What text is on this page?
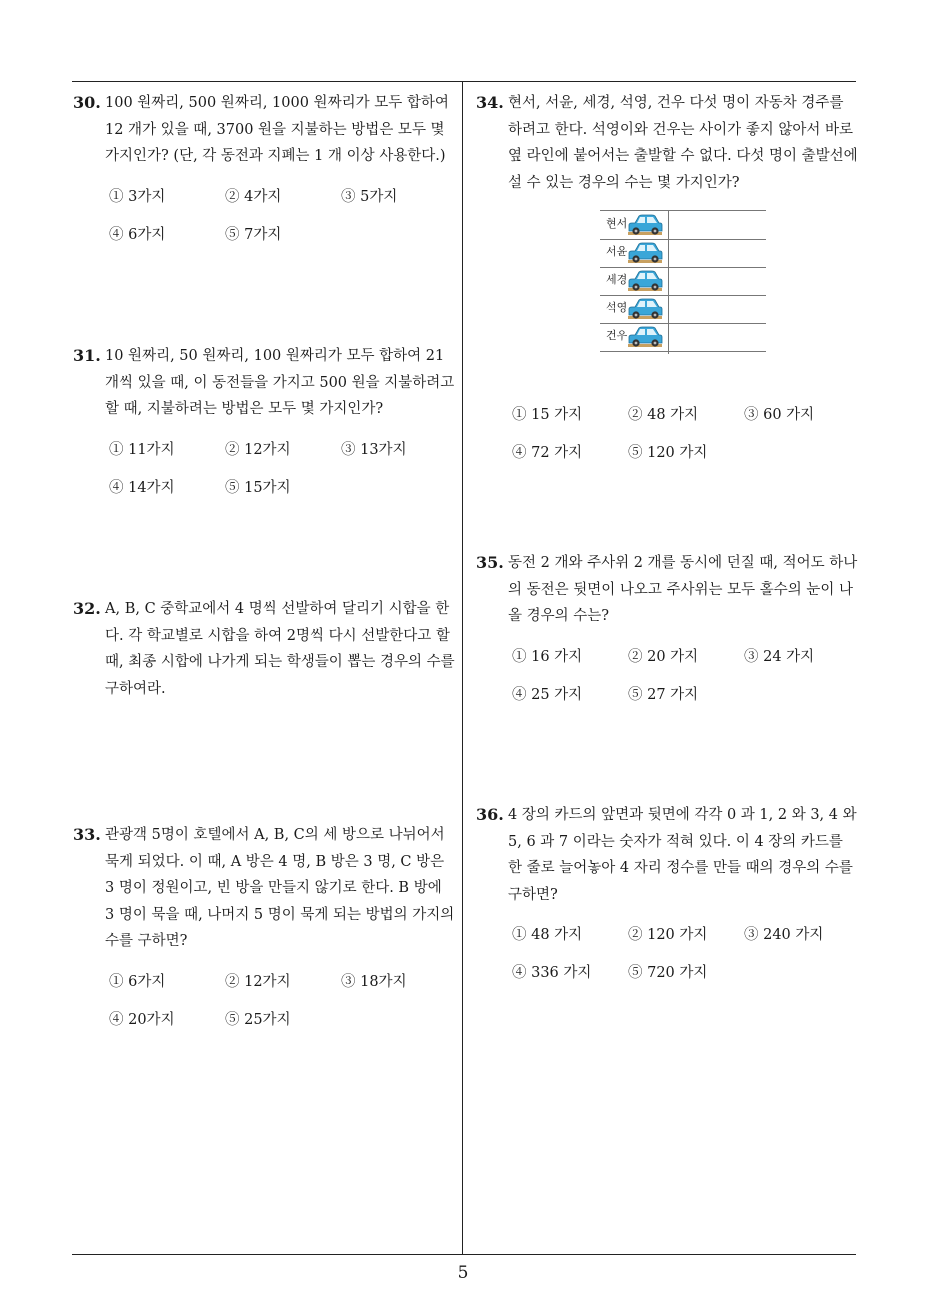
30. 100 원짜리, 500 원짜리, 1000 원짜리가 모두 합하여 12 개가 있을 때, 3700 원을 지불하는 방법은 모두 몇 가지인가? (단, 각 동전과 지폐는 1 개 이상 사용한다.)
① 3가지	② 4가지	③ 5가지
④ 6가지	⑤ 7가지
31. 10 원짜리, 50 원짜리, 100 원짜리가 모두 합하여 21 개씩 있을 때, 이 동전들을 가지고 500 원을 지불하려고 할 때, 지불하려는 방법은 모두 몇 가지인가?
① 11가지	② 12가지	③ 13가지
④ 14가지	⑤ 15가지
32. A, B, C 중학교에서 4 명씩 선발하여 달리기 시합을 한다. 각 학교별로 시합을 하여 2명씩 다시 선발한다고 할 때, 최종 시합에 나가게 되는 학생들이 뽑는 경우의 수를 구하여라.
33. 관광객 5명이 호텔에서 A, B, C의 세 방으로 나뉘어서 묵게 되었다. 이 때, A 방은 4 명, B 방은 3 명, C 방은 3 명이 정원이고, 빈 방을 만들지 않기로 한다. B 방에 3 명이 묵을 때, 나머지 5 명이 묵게 되는 방법의 가지의 수를 구하면?
① 6가지	② 12가지	③ 18가지
④ 20가지	⑤ 25가지
34. 현서, 서윤, 세경, 석영, 건우 다섯 명이 자동차 경주를 하려고 한다. 석영이와 건우는 사이가 좋지 않아서 바로 옆 라인에 붙어서는 출발할 수 없다. 다섯 명이 출발선에 설 수 있는 경우의 수는 몇 가지인가?
현서
서윤
세경
석영
건우
① 15 가지	② 48 가지	③ 60 가지
④ 72 가지	⑤ 120 가지
35. 동전 2 개와 주사위 2 개를 동시에 던질 때, 적어도 하나의 동전은 뒷면이 나오고 주사위는 모두 홀수의 눈이 나올 경우의 수는?
① 16 가지	② 20 가지	③ 24 가지
④ 25 가지	⑤ 27 가지
36. 4 장의 카드의 앞면과 뒷면에 각각 0 과 1, 2 와 3, 4 와 5, 6 과 7 이라는 숫자가 적혀 있다. 이 4 장의 카드를 한 줄로 늘어놓아 4 자리 정수를 만들 때의 경우의 수를 구하면?
① 48 가지	② 120 가지	③ 240 가지
④ 336 가지	⑤ 720 가지
5
